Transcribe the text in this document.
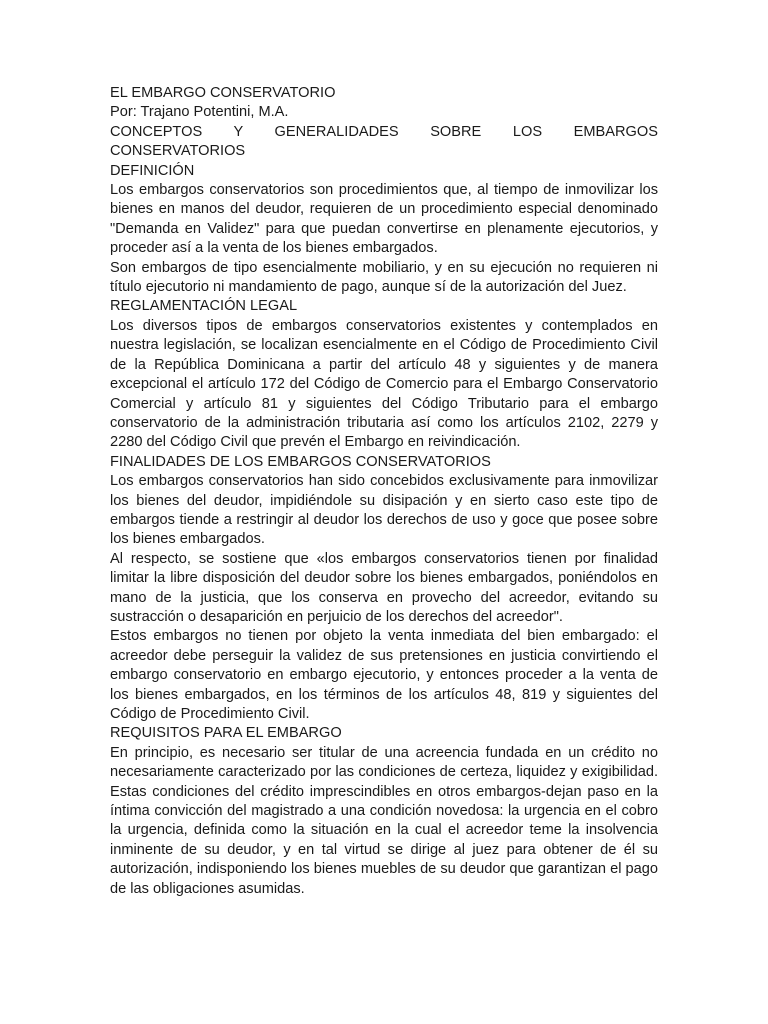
EL EMBARGO CONSERVATORIO

Por: Trajano Potentini, M.A.

CONCEPTOS Y GENERALIDADES SOBRE LOS EMBARGOS

CONSERVATORIOS

DEFINICIÓN

Los embargos conservatorios son procedimientos que, al tiempo de inmovilizar los bienes en manos del deudor, requieren de un procedimiento especial denominado "Demanda en Validez" para que puedan convertirse en plenamente ejecutorios, y proceder así a la venta de los bienes embargados.

Son embargos de tipo esencialmente mobiliario, y en su ejecución no requieren ni título ejecutorio ni mandamiento de pago, aunque sí de la autorización del Juez.

REGLAMENTACIÓN LEGAL

Los diversos tipos de embargos conservatorios existentes y contemplados en nuestra legislación, se localizan esencialmente en el Código de Procedimiento Civil de la República Dominicana a partir del artículo 48 y siguientes y de manera excepcional el artículo 172 del Código de Comercio para el Embargo Conservatorio Comercial y artículo 81 y siguientes del Código Tributario para el embargo conservatorio de la administración tributaria así como los artículos 2102, 2279 y 2280 del Código Civil que prevén el Embargo en reivindicación.

FINALIDADES DE LOS EMBARGOS CONSERVATORIOS

Los embargos conservatorios han sido concebidos exclusivamente para inmovilizar los bienes del deudor, impidiéndole su disipación y en sierto caso este tipo de embargos tiende a restringir al deudor los derechos de uso y goce que posee sobre los bienes embargados.

Al respecto, se sostiene que «los embargos conservatorios tienen por finalidad limitar la libre disposición del deudor sobre los bienes embargados, poniéndolos en mano de la justicia, que los conserva en provecho del acreedor, evitando su sustracción o desaparición en perjuicio de los derechos del acreedor".

Estos embargos no tienen por objeto la venta inmediata del bien embargado: el acreedor debe perseguir la validez de sus pretensiones en justicia convirtiendo el embargo conservatorio en embargo ejecutorio, y entonces proceder a la venta de los bienes embargados, en los términos de los artículos 48, 819 y siguientes del Código de Procedimiento Civil.

REQUISITOS PARA EL EMBARGO

En principio, es necesario ser titular de una acreencia fundada en un crédito no necesariamente caracterizado por las condiciones de certeza, liquidez y exigibilidad. Estas condiciones del crédito imprescindibles en otros embargos-dejan paso en la íntima convicción del magistrado a una condición novedosa: la urgencia en el cobro la urgencia, definida como la situación en la cual el acreedor teme la insolvencia inminente de su deudor, y en tal virtud se dirige al juez para obtener de él su autorización, indisponiendo los bienes muebles de su deudor que garantizan el pago de las obligaciones asumidas.
